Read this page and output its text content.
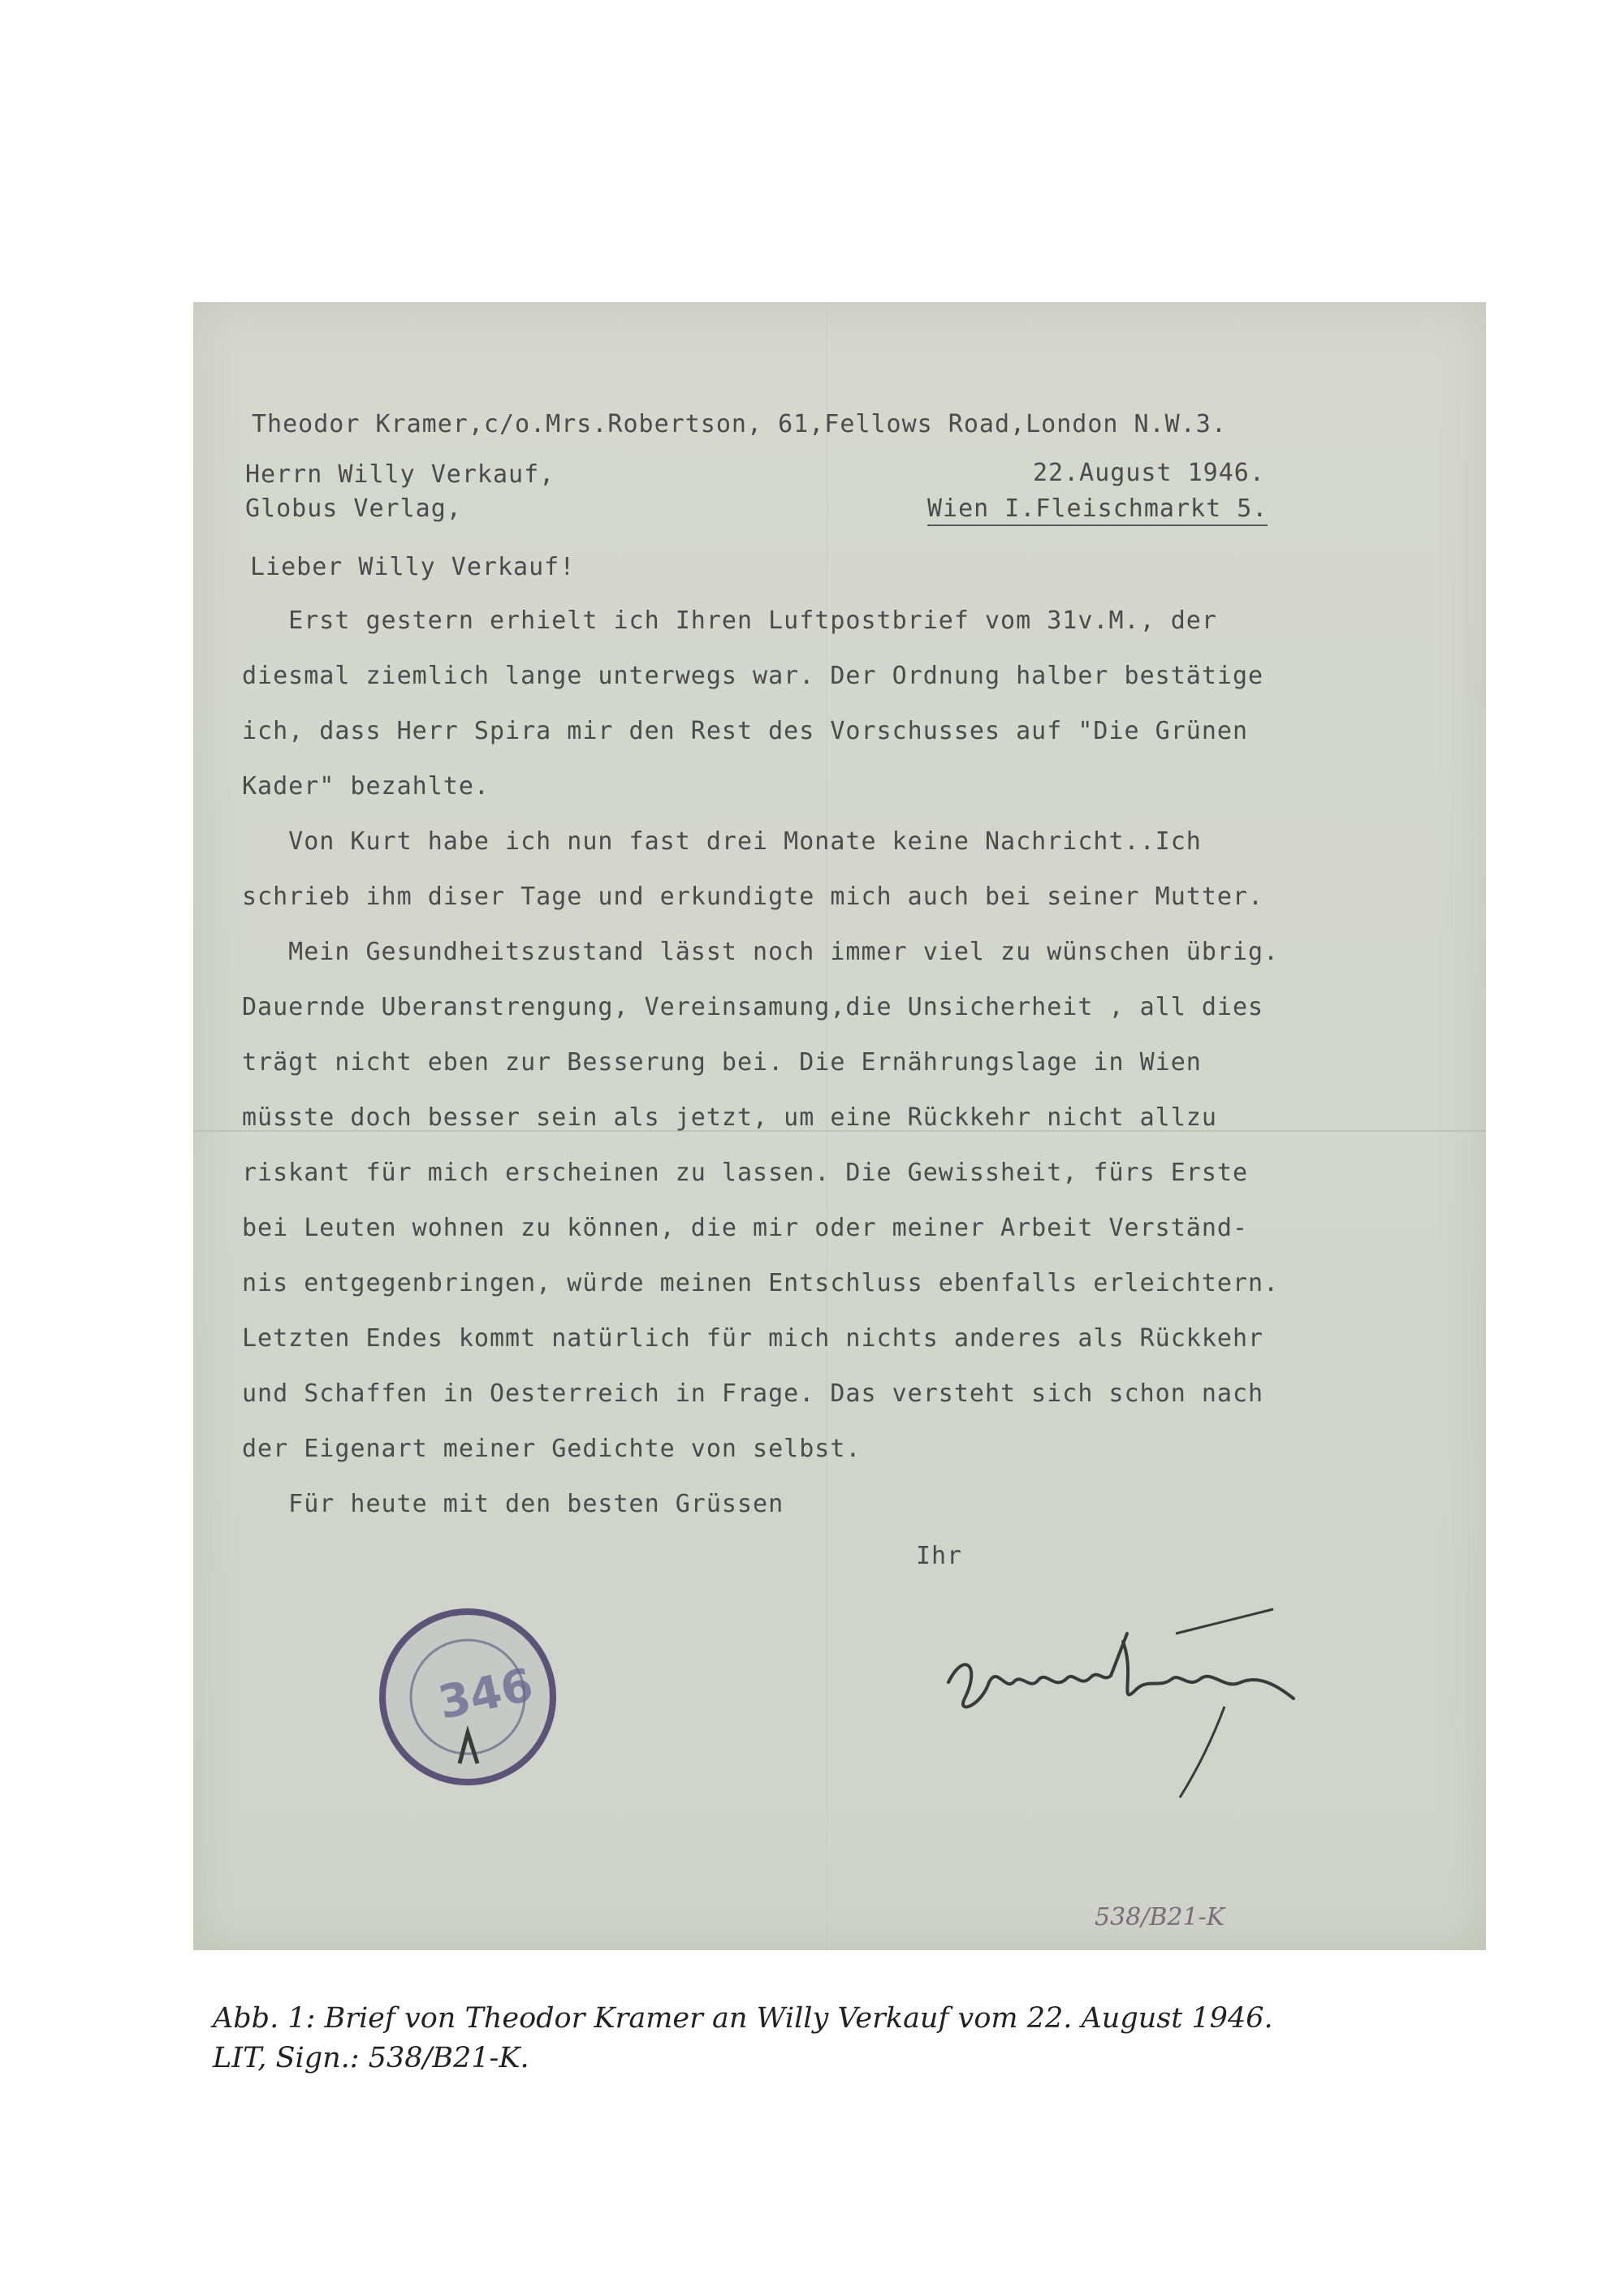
Theodor Kramer,c/o.Mrs.Robertson, 61,Fellows Road,London N.W.3.
Herrn Willy Verkauf,
Globus Verlag,
22.August 1946.
Wien I.Fleischmarkt 5.
Lieber Willy Verkauf!
Erst gestern erhielt ich Ihren Luftpostbrief vom 31v.M., der
diesmal ziemlich lange unterwegs war. Der Ordnung halber bestätige
ich, dass Herr Spira mir den Rest des Vorschusses auf "Die Grünen
Kader" bezahlte.
Von Kurt habe ich nun fast drei Monate keine Nachricht..Ich
schrieb ihm diser Tage und erkundigte mich auch bei seiner Mutter.
Mein Gesundheitszustand lässt noch immer viel zu wünschen übrig.
Dauernde Uberanstrengung, Vereinsamung,die Unsicherheit , all dies
trägt nicht eben zur Besserung bei. Die Ernährungslage in Wien
müsste doch besser sein als jetzt, um eine Rückkehr nicht allzu
riskant für mich erscheinen zu lassen. Die Gewissheit, fürs Erste
bei Leuten wohnen zu können, die mir oder meiner Arbeit Verständ-
nis entgegenbringen, würde meinen Entschluss ebenfalls erleichtern.
Letzten Endes kommt natürlich für mich nichts anderes als Rückkehr
und Schaffen in Oesterreich in Frage. Das versteht sich schon nach
der Eigenart meiner Gedichte von selbst.
Für heute mit den besten Grüssen
Ihr
346
538/B21-K
Abb. 1: Brief von Theodor Kramer an Willy Verkauf vom 22. August 1946.
LIT, Sign.: 538/B21-K.
